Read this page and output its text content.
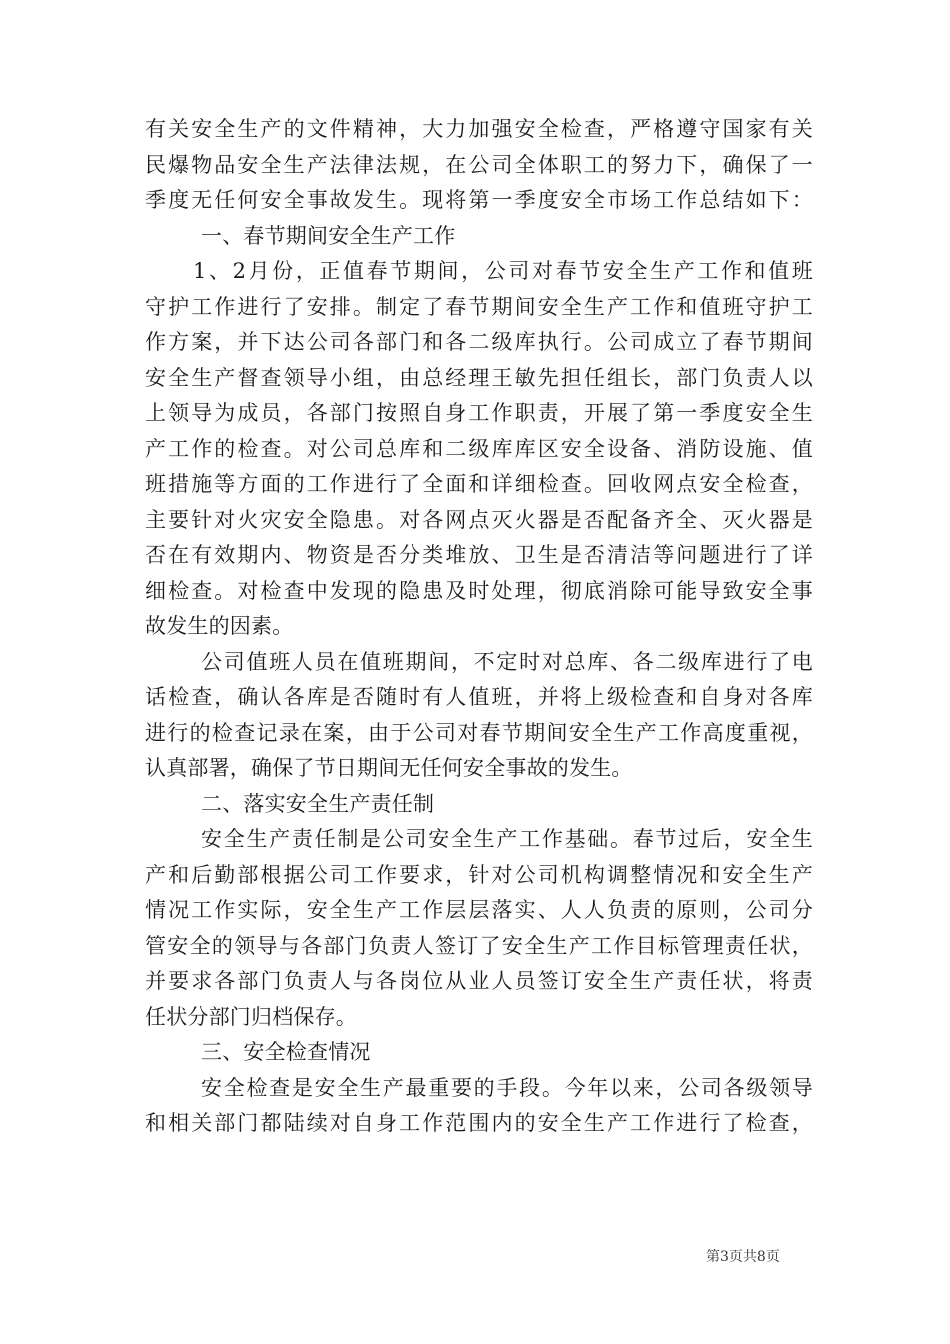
有关安全生产的文件精神，大力加强安全检查，严格遵守国家有关
民爆物品安全生产法律法规，在公司全体职工的努力下，确保了一
季度无任何安全事故发生。现将第一季度安全市场工作总结如下：
一、春节期间安全生产工作
1、2月份，正值春节期间，公司对春节安全生产工作和值班
守护工作进行了安排。制定了春节期间安全生产工作和值班守护工
作方案，并下达公司各部门和各二级库执行。公司成立了春节期间
安全生产督查领导小组，由总经理王敏先担任组长，部门负责人以
上领导为成员，各部门按照自身工作职责，开展了第一季度安全生
产工作的检查。对公司总库和二级库库区安全设备、消防设施、值
班措施等方面的工作进行了全面和详细检查。回收网点安全检查，
主要针对火灾安全隐患。对各网点灭火器是否配备齐全、灭火器是
否在有效期内、物资是否分类堆放、卫生是否清洁等问题进行了详
细检查。对检查中发现的隐患及时处理，彻底消除可能导致安全事
故发生的因素。
公司值班人员在值班期间，不定时对总库、各二级库进行了电
话检查，确认各库是否随时有人值班，并将上级检查和自身对各库
进行的检查记录在案，由于公司对春节期间安全生产工作高度重视，
认真部署，确保了节日期间无任何安全事故的发生。
二、落实安全生产责任制
安全生产责任制是公司安全生产工作基础。春节过后，安全生
产和后勤部根据公司工作要求，针对公司机构调整情况和安全生产
情况工作实际，安全生产工作层层落实、人人负责的原则，公司分
管安全的领导与各部门负责人签订了安全生产工作目标管理责任状，
并要求各部门负责人与各岗位从业人员签订安全生产责任状，将责
任状分部门归档保存。
三、安全检查情况
安全检查是安全生产最重要的手段。今年以来，公司各级领导
和相关部门都陆续对自身工作范围内的安全生产工作进行了检查，
第3页共8页
